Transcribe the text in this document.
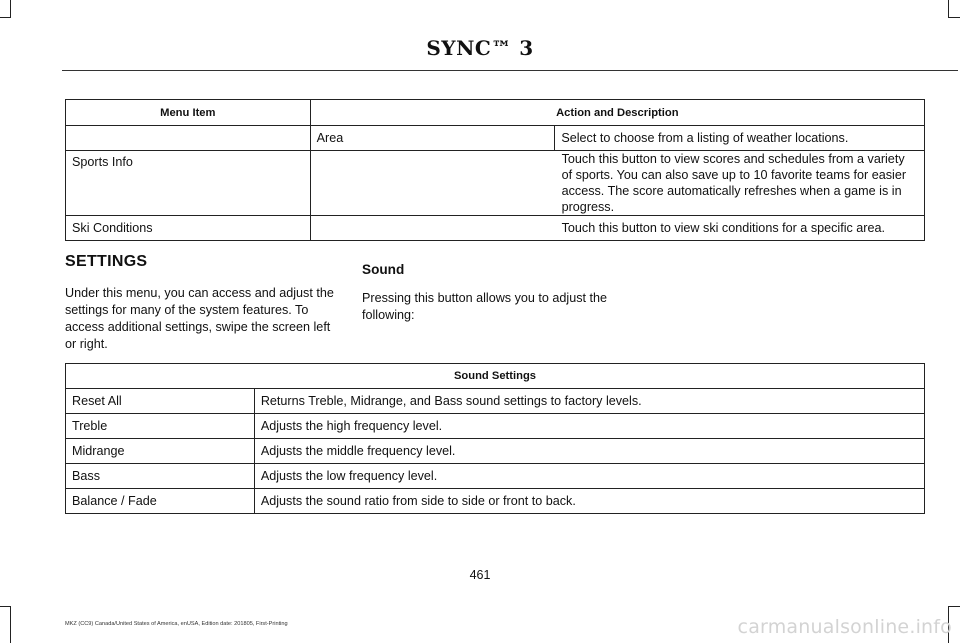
SYNC™ 3
Menu Item	Action and Description	
	Area	Select to choose from a listing of weather locations.
Sports Info	Touch this button to view scores and schedules from a variety of sports. You can also save up to 10 favorite teams for easier access. The score automatically refreshes when a game is in progress.	
Ski Conditions	Touch this button to view ski conditions for a specific area.	
SETTINGS

Under this menu, you can access and adjust the settings for many of the system features. To access additional settings, swipe the screen left or right.

Sound

Pressing this button allows you to adjust the following:

Sound Settings	
Reset All	Returns Treble, Midrange, and Bass sound settings to factory levels.
Treble	Adjusts the high frequency level.
Midrange	Adjusts the middle frequency level.
Bass	Adjusts the low frequency level.
Balance / Fade	Adjusts the sound ratio from side to side or front to back.
461
MKZ (CC9) Canada/United States of America, enUSA, Edition date: 201805, First-Printing	carmanualsonline.info
